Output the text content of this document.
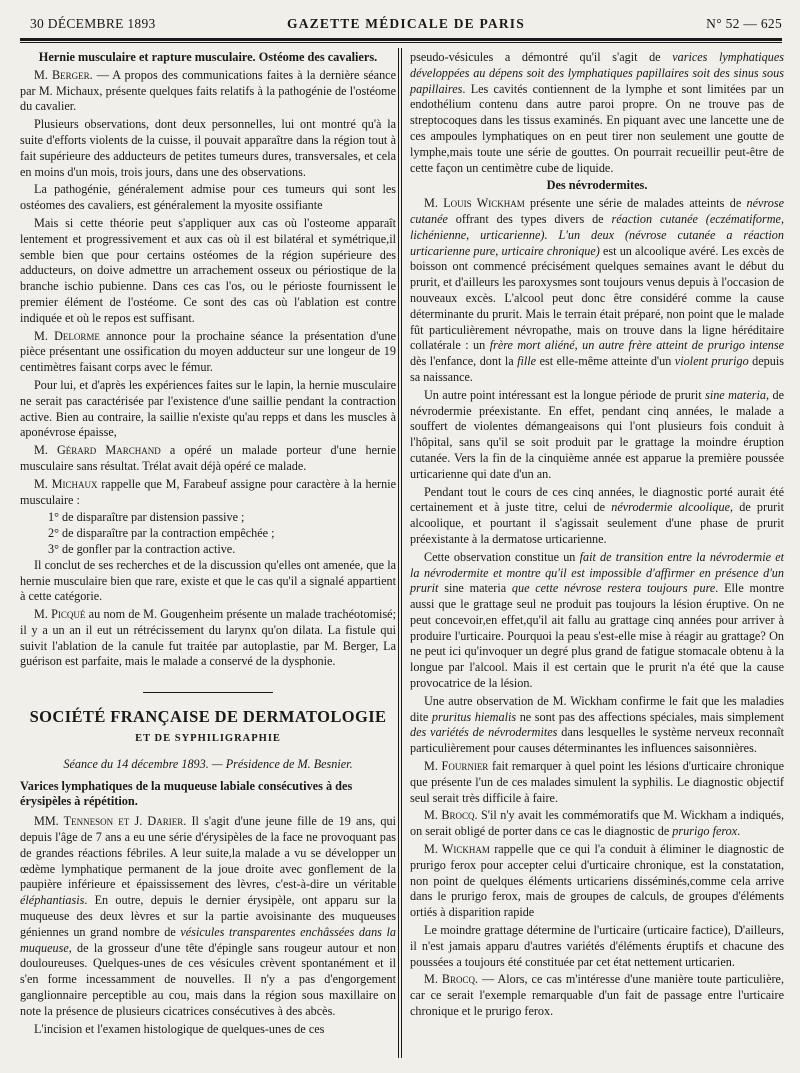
30 DÉCEMBRE 1893	GAZETTE MÉDICALE DE PARIS	N° 52 — 625

Hernie musculaire et rapture musculaire. Ostéome des cavaliers.

M. Berger. — A propos des communications faites à la dernière séance par M. Michaux, présente quelques faits relatifs à la pathogénie de l'ostéome du cavalier.

Plusieurs observations, dont deux personnelles, lui ont montré qu'à la suite d'efforts violents de la cuisse, il pouvait apparaître dans la région tout à fait supérieure des adducteurs de petites tumeurs dures, transversales, et cela en moins d'un mois, trois jours, dans une des observations.

La pathogénie, généralement admise pour ces tumeurs qui sont les ostéomes des cavaliers, est généralement la myosite ossifiante

Mais si cette théorie peut s'appliquer aux cas où l'osteome apparaît lentement et progressivement et aux cas où il est bilatéral et symétrique,il semble bien que pour certains ostéomes de la région supérieure des adducteurs, on doive admettre un arrachement osseux ou périostique de la branche ischio pubienne. Dans ces cas l'os, ou le périoste fournissent le premier élément de l'ostéome. Ce sont des cas où l'ablation est contre indiquée et où le repos est suffisant.

M. Delorme annonce pour la prochaine séance la présentation d'une pièce présentant une ossification du moyen adducteur sur une longeur de 19 centimètres faisant corps avec le fémur.

Pour lui, et d'après les expériences faites sur le lapin, la hernie musculaire ne serait pas caractérisée par l'existence d'une saillie pendant la contraction active. Bien au contraire, la saillie n'existe qu'au repps et dans les muscles à aponévrose épaisse,

M. Gérard Marchand a opéré un malade porteur d'une hernie musculaire sans résultat. Trélat avait déjà opéré ce malade.

M. Michaux rappelle que M, Farabeuf assigne pour caractère à la hernie musculaire :

1° de disparaître par distension passive ;

2° de disparaître par la contraction empêchée ;

3° de gonfler par la contraction active.

Il conclut de ses recherches et de la discussion qu'elles ont amenée, que la hernie musculaire bien que rare, existe et que le cas qu'il a signalé appartient à cette catégorie.

M. Picqué au nom de M. Gougenheim présente un malade trachéotomisé; il y a un an il eut un rétrécissement du larynx qu'on dilata. La fistule qui suivit l'ablation de la canule fut traitée par autoplastie, par M. Berger, La guérison est parfaite, mais le malade a conservé de la dysphonie.

SOCIÉTÉ FRANÇAISE DE DERMATOLOGIE

ET DE SYPHILIGRAPHIE

Séance du 14 décembre 1893. — Présidence de M. Besnier.

Varices lymphatiques de la muqueuse labiale consécutives à des érysipèles à répétition.

MM. Tenneson et J. Darier. Il s'agit d'une jeune fille de 19 ans, qui depuis l'âge de 7 ans a eu une série d'érysipèles de la face ne provoquant pas de grandes réactions fébriles. A leur suite,la malade a vu se développer un œdème lymphatique permanent de la joue droite avec gonflement de la paupière inférieure et épaississement des lèvres, c'est-à-dire un véritable éléphantiasis. En outre, depuis le dernier érysipèle, ont apparu sur la muqueuse des deux lèvres et sur la partie avoisinante des muqueuses géniennes un grand nombre de vésicules transparentes enchâssées dans la muqueuse, de la grosseur d'une tête d'épingle sans rougeur autour et non douloureuses. Quelques-unes de ces vésicules crèvent spontanément et il s'en forme incessamment de nouvelles. Il n'y a pas d'engorgement ganglionnaire perceptible au cou, mais dans la région sous maxillaire on note la présence de plusieurs cicatrices consécutives à des abcès.

L'incision et l'examen histologique de quelques-unes de ces

pseudo-vésicules a démontré qu'il s'agit de varices lymphatiques développées au dépens soit des lymphatiques papillaires soit des sinus sous papillaires. Les cavités contiennent de la lymphe et sont limitées par un endothélium contenu dans autre paroi propre. On ne trouve pas de streptocoques dans les tissus examinés. En piquant avec une lancette une de ces ampoules lymphatiques on en peut tirer non seulement une goutte de lymphe,mais toute une série de gouttes. On pourrait recueillir peut-être de cette façon un centimètre cube de liquide.

Des névrodermites.

M. Louis Wickham présente une série de malades atteints de névrose cutanée offrant des types divers de réaction cutanée (eczématiforme, lichénienne, urticarienne). L'un deux (névrose cutanée a réaction urticarienne pure, urticaire chronique) est un alcoolique avéré. Les excès de boisson ont commencé précisément quelques semaines avant le début du prurit, et d'ailleurs les paroxysmes sont toujours venus depuis à l'occasion de nouveaux excès. L'alcool peut donc être considéré comme la cause déterminante du prurit. Mais le terrain était préparé, non point que le malade fût particulièrement névropathe, mais on trouve dans la ligne héréditaire collatérale : un frère mort aliéné, un autre frère atteint de prurigo intense dès l'enfance, dont la fille est elle-même atteinte d'un violent prurigo depuis sa naissance.

Un autre point intéressant est la longue période de prurit sine materia, de névrodermie préexistante. En effet, pendant cinq années, le malade a souffert de violentes démangeaisons qui l'ont plusieurs fois conduit à l'hôpital, sans qu'il se soit produit par le grattage la moindre éruption cutanée. Vers la fin de la cinquième année est apparue la première poussée urticarienne qui date d'un an.

Pendant tout le cours de ces cinq années, le diagnostic porté aurait été certainement et à juste titre, celui de névrodermie alcoolique, de prurit alcoolique, et pourtant il s'agissait seulement d'une phase de prurit préexistante à la dermatose urticarienne.

Cette observation constitue un fait de transition entre la névrodermie et la névrodermite et montre qu'il est impossible d'affirmer en présence d'un prurit sine materia que cette névrose restera toujours pure. Elle montre aussi que le grattage seul ne produit pas toujours la lésion éruptive. On ne peut concevoir,en effet,qu'il ait fallu au grattage cinq années pour arriver à produire l'urticaire. Pourquoi la peau s'est-elle mise à réagir au grattage? On ne peut ici qu'invoquer un degré plus grand de fatigue stomacale obtenu à la longue par l'alcool. Mais il est certain que le prurit n'a été que la cause provocatrice de la lésion.

Une autre observation de M. Wickham confirme le fait que les maladies dite pruritus hiemalis ne sont pas des affections spéciales, mais simplement des variétés de névrodermites dans lesquelles le système nerveux reconnaît particulièrement pour causes déterminantes les influences saisonnières.

M. Fournier fait remarquer à quel point les lésions d'urticaire chronique que présente l'un de ces malades simulent la syphilis. Le diagnostic objectif seul serait très difficile à faire.

M. Brocq. S'il n'y avait les commémoratifs que M. Wickham a indiqués, on serait obligé de porter dans ce cas le diagnostic de prurigo ferox.

M. Wickham rappelle que ce qui l'a conduit à éliminer le diagnostic de prurigo ferox pour accepter celui d'urticaire chronique, est la constatation, non point de quelques éléments urticariens disséminés,comme cela arrive dans le prurigo ferox, mais de groupes de calculs, de groupes d'éléments ortiés à disparition rapide

Le moindre grattage détermine de l'urticaire (urticaire factice), D'ailleurs, il n'est jamais apparu d'autres variétés d'éléments éruptifs et chacune des poussées a toujours été constituée par cet état nettement urticarien.

M. Brocq. — Alors, ce cas m'intéresse d'une manière toute particulière, car ce serait l'exemple remarquable d'un fait de passage entre l'urticaire chronique et le prurigo ferox.
